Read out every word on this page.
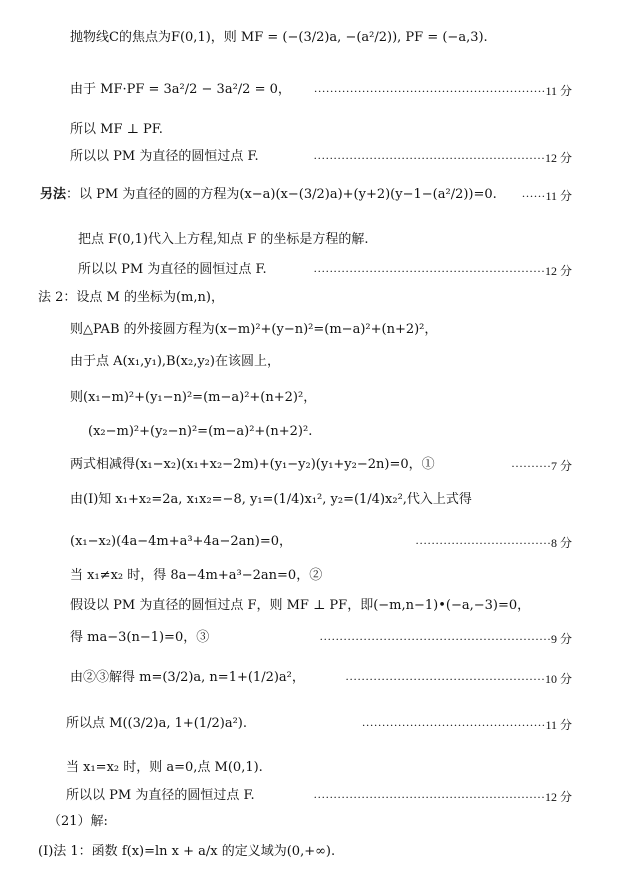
抛物线C的焦点为F(0,1)，则 MF = (−(3/2)a, −(a²/2)), PF = (−a,3).
由于 MF·PF = 3a²/2 − 3a²/2 = 0， ··························································11 分
所以 MF ⊥ PF.
所以以 PM 为直径的圆恒过点 F.	··························································12 分
另法：以 PM 为直径的圆的方程为(x−a)(x−(3/2)a)+(y+2)(y−1−(a²/2))=0. ······11 分
把点 F(0,1)代入上方程,知点 F 的坐标是方程的解.
所以以 PM 为直径的圆恒过点 F.	··························································12 分
法 2：设点 M 的坐标为(m,n)，
则△PAB 的外接圆方程为(x−m)²+(y−n)²=(m−a)²+(n+2)²，
由于点 A(x₁,y₁),B(x₂,y₂)在该圆上，
则(x₁−m)²+(y₁−n)²=(m−a)²+(n+2)²，
(x₂−m)²+(y₂−n)²=(m−a)²+(n+2)².
两式相减得(x₁−x₂)(x₁+x₂−2m)+(y₁−y₂)(y₁+y₂−2n)=0，①	··········7 分
由(Ⅰ)知 x₁+x₂=2a, x₁x₂=−8, y₁=(1/4)x₁², y₂=(1/4)x₂²,代入上式得
(x₁−x₂)(4a−4m+a³+4a−2an)=0，	··································8 分
当 x₁≠x₂ 时，得 8a−4m+a³−2an=0，②
假设以 PM 为直径的圆恒过点 F，则 MF ⊥ PF，即(−m,n−1)•(−a,−3)=0，
得 ma−3(n−1)=0，③	··························································9 分
由②③解得 m=(3/2)a, n=1+(1/2)a²，	··················································10 分
所以点 M((3/2)a, 1+(1/2)a²).	··············································11 分
当 x₁=x₂ 时，则 a=0,点 M(0,1).
所以以 PM 为直径的圆恒过点 F.	··························································12 分
（21）解:
(Ⅰ)法 1：函数 f(x)=ln x + a/x 的定义域为(0,+∞).
